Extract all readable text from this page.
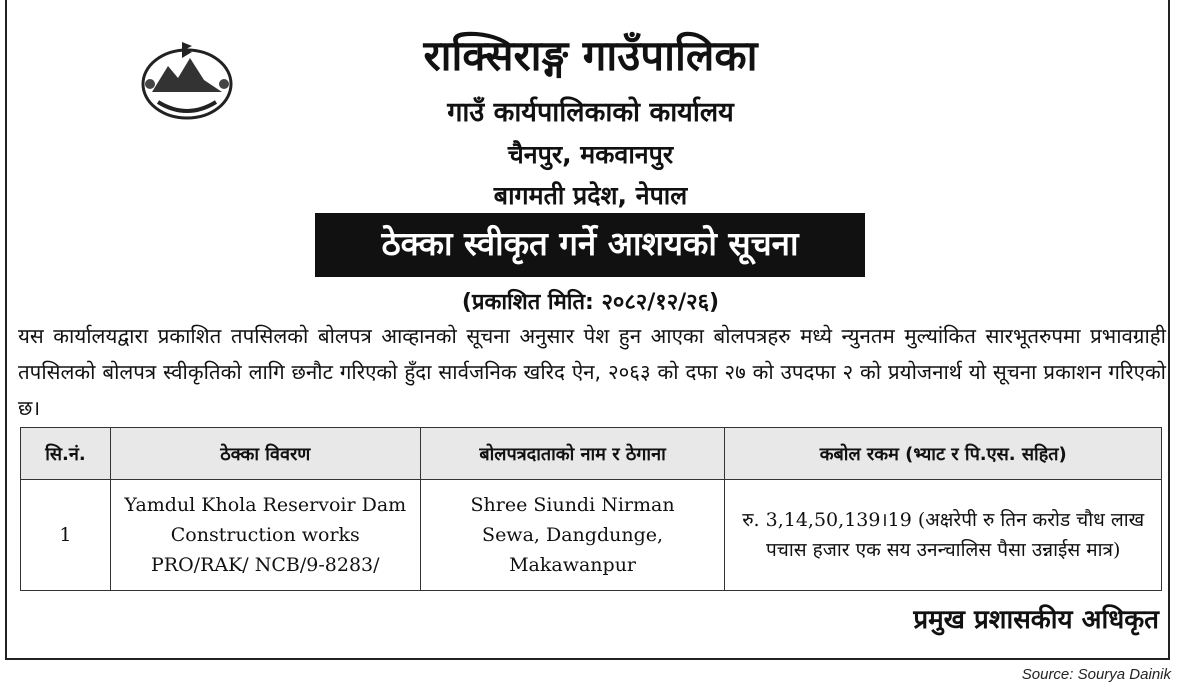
राक्सिराङ्ग गाउँपालिका
गाउँ कार्यपालिकाको कार्यालय
चैनपुर, मकवानपुर
बागमती प्रदेश, नेपाल
ठेक्का स्वीकृत गर्ने आशयको सूचना
(प्रकाशित मिति: २०८२/१२/२६)
यस कार्यालयद्वारा प्रकाशित तपसिलको बोलपत्र आव्हानको सूचना अनुसार पेश हुन आएका बोलपत्रहरु मध्ये न्युनतम मुल्यांकित सारभूतरुपमा प्रभावग्राही तपसिलको बोलपत्र स्वीकृतिको लागि छनौट गरिएको हुँदा सार्वजनिक खरिद ऐन, २०६३ को दफा २७ को उपदफा २ को प्रयोजनार्थ यो सूचना प्रकाशन गरिएको छ।
सि.नं.	ठेक्का विवरण	बोलपत्रदाताको नाम र ठेगाना	कबोल रकम (भ्याट र पि.एस. सहित)
1	Yamdul Khola Reservoir Dam Construction works PRO/RAK/ NCB/9-8283/	Shree Siundi Nirman Sewa, Dangdunge, Makawanpur	रु. 3,14,50,139।19 (अक्षरेपी रु तिन करोड चौध लाख पचास हजार एक सय उनन्चालिस पैसा उन्नाईस मात्र)
प्रमुख प्रशासकीय अधिकृत
Source: Sourya Dainik
